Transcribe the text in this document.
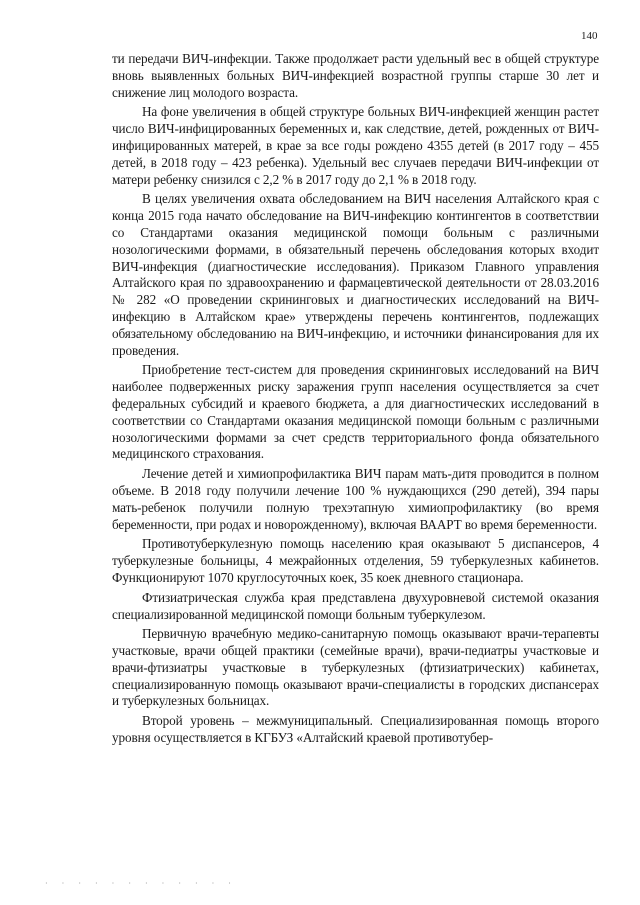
140

ти передачи ВИЧ-инфекции. Также продолжает расти удельный вес в общей структуре вновь выявленных больных ВИЧ-инфекцией возрастной группы старше 30 лет и снижение лиц молодого возраста.

На фоне увеличения в общей структуре больных ВИЧ-инфекцией женщин растет число ВИЧ-инфицированных беременных и, как следствие, детей, рожденных от ВИЧ-инфицированных матерей, в крае за все годы рождено 4355 детей (в 2017 году – 455 детей, в 2018 году – 423 ребенка). Удельный вес случаев передачи ВИЧ-инфекции от матери ребенку снизился с 2,2 % в 2017 году до 2,1 % в 2018 году.

В целях увеличения охвата обследованием на ВИЧ населения Алтайского края с конца 2015 года начато обследование на ВИЧ-инфекцию контингентов в соответствии со Стандартами оказания медицинской помощи больным с различными нозологическими формами, в обязательный перечень обследования которых входит ВИЧ-инфекция (диагностические исследования). Приказом Главного управления Алтайского края по здравоохранению и фармацевтической деятельности от 28.03.2016 № 282 «О проведении скрининговых и диагностических исследований на ВИЧ-инфекцию в Алтайском крае» утверждены перечень контингентов, подлежащих обязательному обследованию на ВИЧ-инфекцию, и источники финансирования для их проведения.

Приобретение тест-систем для проведения скрининговых исследований на ВИЧ наиболее подверженных риску заражения групп населения осуществляется за счет федеральных субсидий и краевого бюджета, а для диагностических исследований в соответствии со Стандартами оказания медицинской помощи больным с различными нозологическими формами за счет средств территориального фонда обязательного медицинского страхования.

Лечение детей и химиопрофилактика ВИЧ парам мать-дитя проводится в полном объеме. В 2018 году получили лечение 100 % нуждающихся (290 детей), 394 пары мать-ребенок получили полную трехэтапную химиопрофилактику (во время беременности, при родах и новорожденному), включая ВААРТ во время беременности.

Противотуберкулезную помощь населению края оказывают 5 диспансеров, 4 туберкулезные больницы, 4 межрайонных отделения, 59 туберкулезных кабинетов. Функционируют 1070 круглосуточных коек, 35 коек дневного стационара.

Фтизиатрическая служба края представлена двухуровневой системой оказания специализированной медицинской помощи больным туберкулезом.

Первичную врачебную медико-санитарную помощь оказывают врачи-терапевты участковые, врачи общей практики (семейные врачи), врачи-педиатры участковые и врачи-фтизиатры участковые в туберкулезных (фтизиатрических) кабинетах, специализированную помощь оказывают врачи-специалисты в городских диспансерах и туберкулезных больницах.

Второй уровень – межмуниципальный. Специализированная помощь второго уровня осуществляется в КГБУЗ «Алтайский краевой противотубер-

· · · · · · · · · · · ·
